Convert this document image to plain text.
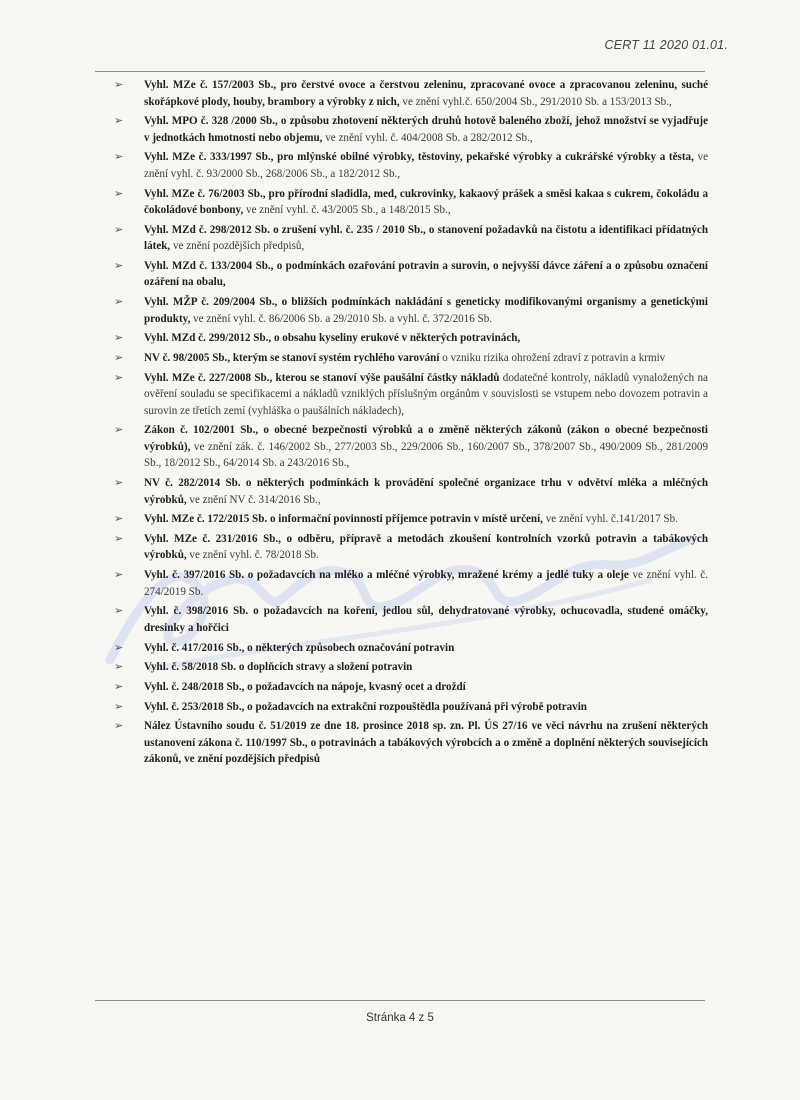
CERT 11 2020 01.01.
➢ Vyhl. MZe č. 157/2003 Sb., pro čerstvé ovoce a čerstvou zeleninu, zpracované ovoce a zpracovanou zeleninu, suché skořápkové plody, houby, brambory a výrobky z nich, ve znění vyhl.č. 650/2004 Sb., 291/2010 Sb. a 153/2013 Sb.,
➢ Vyhl. MPO č. 328 /2000 Sb., o způsobu zhotovení některých druhů hotově baleného zboží, jehož množství se vyjadřuje v jednotkách hmotnosti nebo objemu, ve znění vyhl. č. 404/2008 Sb. a 282/2012 Sb.,
➢ Vyhl. MZe č. 333/1997 Sb., pro mlýnské obilné výrobky, těstoviny, pekařské výrobky a cukrářské výrobky a těsta, ve znění vyhl. č. 93/2000 Sb., 268/2006 Sb., a 182/2012 Sb.,
➢ Vyhl. MZe č. 76/2003 Sb., pro přírodní sladidla, med, cukrovinky, kakaový prášek a směsi kakaa s cukrem, čokoládu a čokoládové bonbony, ve znění vyhl. č. 43/2005 Sb., a 148/2015 Sb.,
➢ Vyhl. MZd č. 298/2012 Sb. o zrušení vyhl. č. 235 / 2010 Sb., o stanovení požadavků na čistotu a identifikaci přídatných látek, ve znění pozdějších předpisů,
➢ Vyhl. MZd č. 133/2004 Sb., o podmínkách ozařování potravin a surovin, o nejvyšší dávce záření a o způsobu označení ozáření na obalu,
➢ Vyhl. MŽP č. 209/2004 Sb., o bližších podmínkách nakládání s geneticky modifikovanými organismy a genetickými produkty, ve znění vyhl. č. 86/2006 Sb. a 29/2010 Sb. a vyhl. č. 372/2016 Sb.
➢ Vyhl. MZd č. 299/2012 Sb., o obsahu kyseliny erukové v některých potravinách,
➢ NV č. 98/2005 Sb., kterým se stanoví systém rychlého varování o vzniku rizika ohrožení zdraví z potravin a krmiv
➢ Vyhl. MZe č. 227/2008 Sb., kterou se stanoví výše paušální částky nákladů dodatečné kontroly, nákladů vynaložených na ověření souladu se specifikacemi a nákladů vzniklých příslušným orgánům v souvislosti se vstupem nebo dovozem potravin a surovin ze třetích zemí (vyhláška o paušálních nákladech),
➢ Zákon č. 102/2001 Sb., o obecné bezpečnosti výrobků a o změně některých zákonů (zákon o obecné bezpečnosti výrobků), ve znění zák. č. 146/2002 Sb., 277/2003 Sb., 229/2006 Sb., 160/2007 Sb., 378/2007 Sb., 490/2009 Sb., 281/2009 Sb., 18/2012 Sb., 64/2014 Sb. a 243/2016 Sb.,
➢ NV č. 282/2014 Sb. o některých podmínkách k provádění společné organizace trhu v odvětví mléka a mléčných výrobků, ve znění NV č. 314/2016 Sb.,
➢ Vyhl. MZe č. 172/2015 Sb. o informační povinnosti příjemce potravin v místě určení, ve znění vyhl. č.141/2017 Sb.
➢ Vyhl. MZe č. 231/2016 Sb., o odběru, přípravě a metodách zkoušení kontrolních vzorků potravin a tabákových výrobků, ve znění vyhl. č. 78/2018 Sb.
➢ Vyhl. č. 397/2016 Sb. o požadavcích na mléko a mléčné výrobky, mražené krémy a jedlé tuky a oleje ve znění vyhl. č. 274/2019 Sb.
➢ Vyhl. č. 398/2016 Sb. o požadavcích na koření, jedlou sůl, dehydratované výrobky, ochucovadla, studené omáčky, dresinky a hořčici
➢ Vyhl. č. 417/2016 Sb., o některých způsobech označování potravin
➢ Vyhl. č. 58/2018 Sb. o doplňcích stravy a složení potravin
➢ Vyhl. č. 248/2018 Sb., o požadavcích na nápoje, kvasný ocet a droždí
➢ Vyhl. č. 253/2018 Sb., o požadavcích na extrakční rozpouštědla používaná při výrobě potravin
➢ Nález Ústavního soudu č. 51/2019 ze dne 18. prosince 2018 sp. zn. Pl. ÚS 27/16 ve věci návrhu na zrušení některých ustanovení zákona č. 110/1997 Sb., o potravinách a tabákových výrobcích a o změně a doplnění některých souvisejících zákonů, ve znění pozdějších předpisů
Stránka 4 z 5
